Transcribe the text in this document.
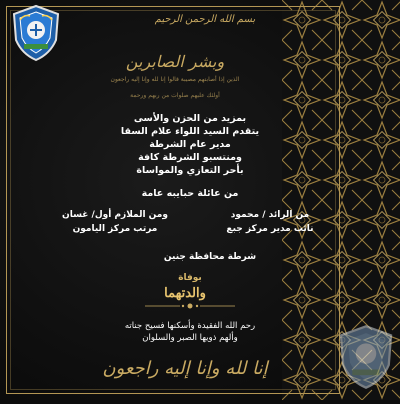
بسم الله الرحمن الرحيم
وبشر الصابرين
الذين إذا أصابتهم مصيبة قالوا إنا لله وإنا إليه راجعون
أولئك عليهم صلوات من ربهم ورحمة
بمزيد من الحزن والأسى
يتقدم السيد اللواء علام السقا
مدير عام الشرطة
ومنتسبو الشرطة كافة
بأحر التعازي والمواساة
من عائلة حبايبه عامة
من الرائد / محمود
نائب مدير مركز جبع
ومن الملازم أول/ غسان
مرتب مركز اليامون
شرطة محافظة جنين
بوفاة
والدتهما
رحم الله الفقيدة وأسكنها فسيح جناته
وألهم ذويها الصبر والسلوان
إنا لله وإنا إليه راجعون
